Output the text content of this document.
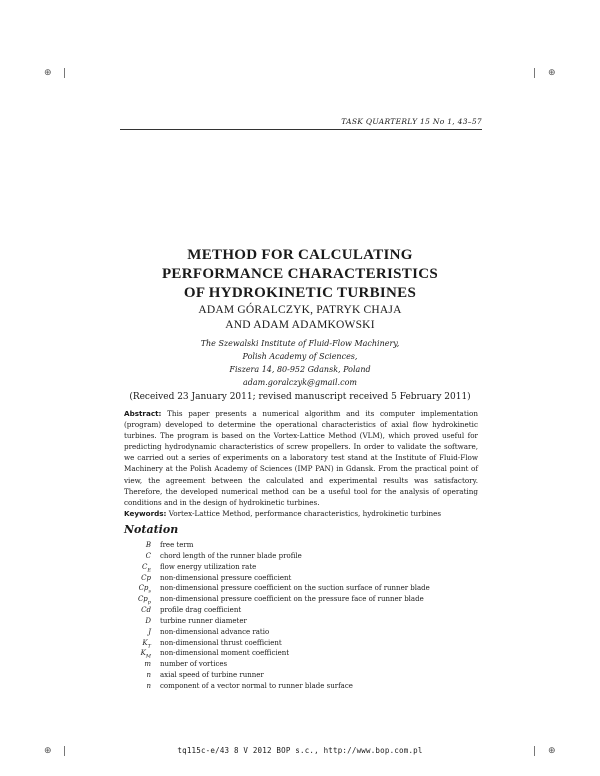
⊕	⊕
⊕	⊕
TASK QUARTERLY 15 No 1, 43–57
METHOD FOR CALCULATING
PERFORMANCE CHARACTERISTICS
OF HYDROKINETIC TURBINES
ADAM GÓRALCZYK, PATRYK CHAJA
AND ADAM ADAMKOWSKI
The Szewalski Institute of Fluid-Flow Machinery,
Polish Academy of Sciences,
Fiszera 14, 80-952 Gdansk, Poland
adam.goralczyk@gmail.com
(Received 23 January 2011; revised manuscript received 5 February 2011)
Abstract: This paper presents a numerical algorithm and its computer implementation (program) developed to determine the operational characteristics of axial flow hydrokinetic turbines. The program is based on the Vortex-Lattice Method (VLM), which proved useful for predicting hydrodynamic characteristics of screw propellers. In order to validate the software, we carried out a series of experiments on a laboratory test stand at the Institute of Fluid-Flow Machinery at the Polish Academy of Sciences (IMP PAN) in Gdansk. From the practical point of view, the agreement between the calculated and experimental results was satisfactory. Therefore, the developed numerical method can be a useful tool for the analysis of operating conditions and in the design of hydrokinetic turbines.
Keywords: Vortex-Lattice Method, performance characteristics, hydrokinetic turbines
Notation
B free term
C chord length of the runner blade profile
$C_E$ flow energy utilization rate
Cp non-dimensional pressure coefficient
$Cp_s$ non-dimensional pressure coefficient on the suction surface of runner blade
$Cp_p$ non-dimensional pressure coefficient on the pressure face of runner blade
Cd profile drag coefficient
D turbine runner diameter
J non-dimensional advance ratio
$K_T$ non-dimensional thrust coefficient
$K_M$ non-dimensional moment coefficient
m number of vortices
n axial speed of turbine runner
n component of a vector normal to runner blade surface
tq115c-e/43 8 V 2012 BOP s.c., http://www.bop.com.pl
